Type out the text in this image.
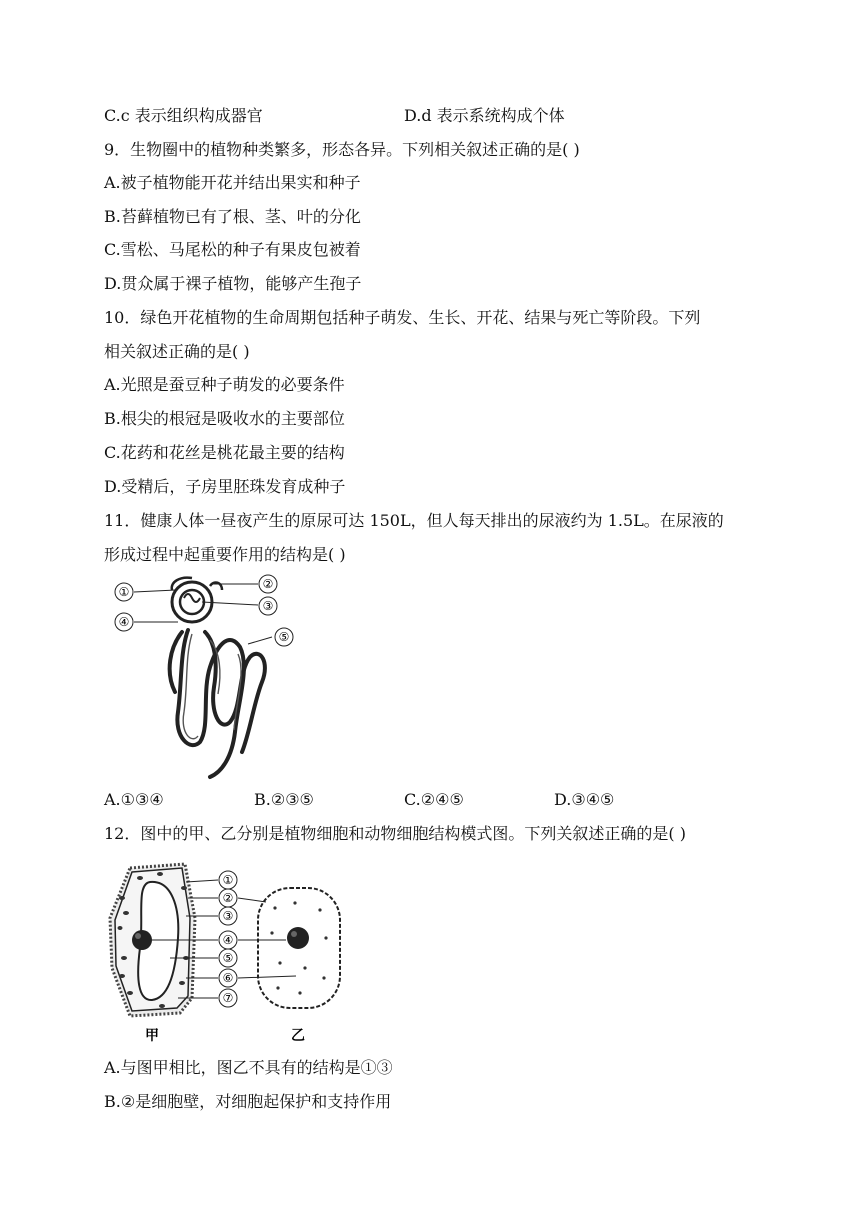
C.c 表示组织构成器官	D.d 表示系统构成个体
9．生物圈中的植物种类繁多，形态各异。下列相关叙述正确的是( )
A.被子植物能开花并结出果实和种子
B.苔藓植物已有了根、茎、叶的分化
C.雪松、马尾松的种子有果皮包被着
D.贯众属于裸子植物，能够产生孢子
10．绿色开花植物的生命周期包括种子萌发、生长、开花、结果与死亡等阶段。下列
相关叙述正确的是( )
A.光照是蚕豆种子萌发的必要条件
B.根尖的根冠是吸收水的主要部位
C.花药和花丝是桃花最主要的结构
D.受精后，子房里胚珠发育成种子
11．健康人体一昼夜产生的原尿可达 150L，但人每天排出的尿液约为 1.5L。在尿液的
形成过程中起重要作用的结构是( )
①
②
③
④
⑤
A.①③④	B.②③⑤	C.②④⑤	D.③④⑤
12．图中的甲、乙分别是植物细胞和动物细胞结构模式图。下列关叙述正确的是( )
①
②
③
④
⑤
⑥
⑦
甲	乙
A.与图甲相比，图乙不具有的结构是①③
B.②是细胞壁，对细胞起保护和支持作用
